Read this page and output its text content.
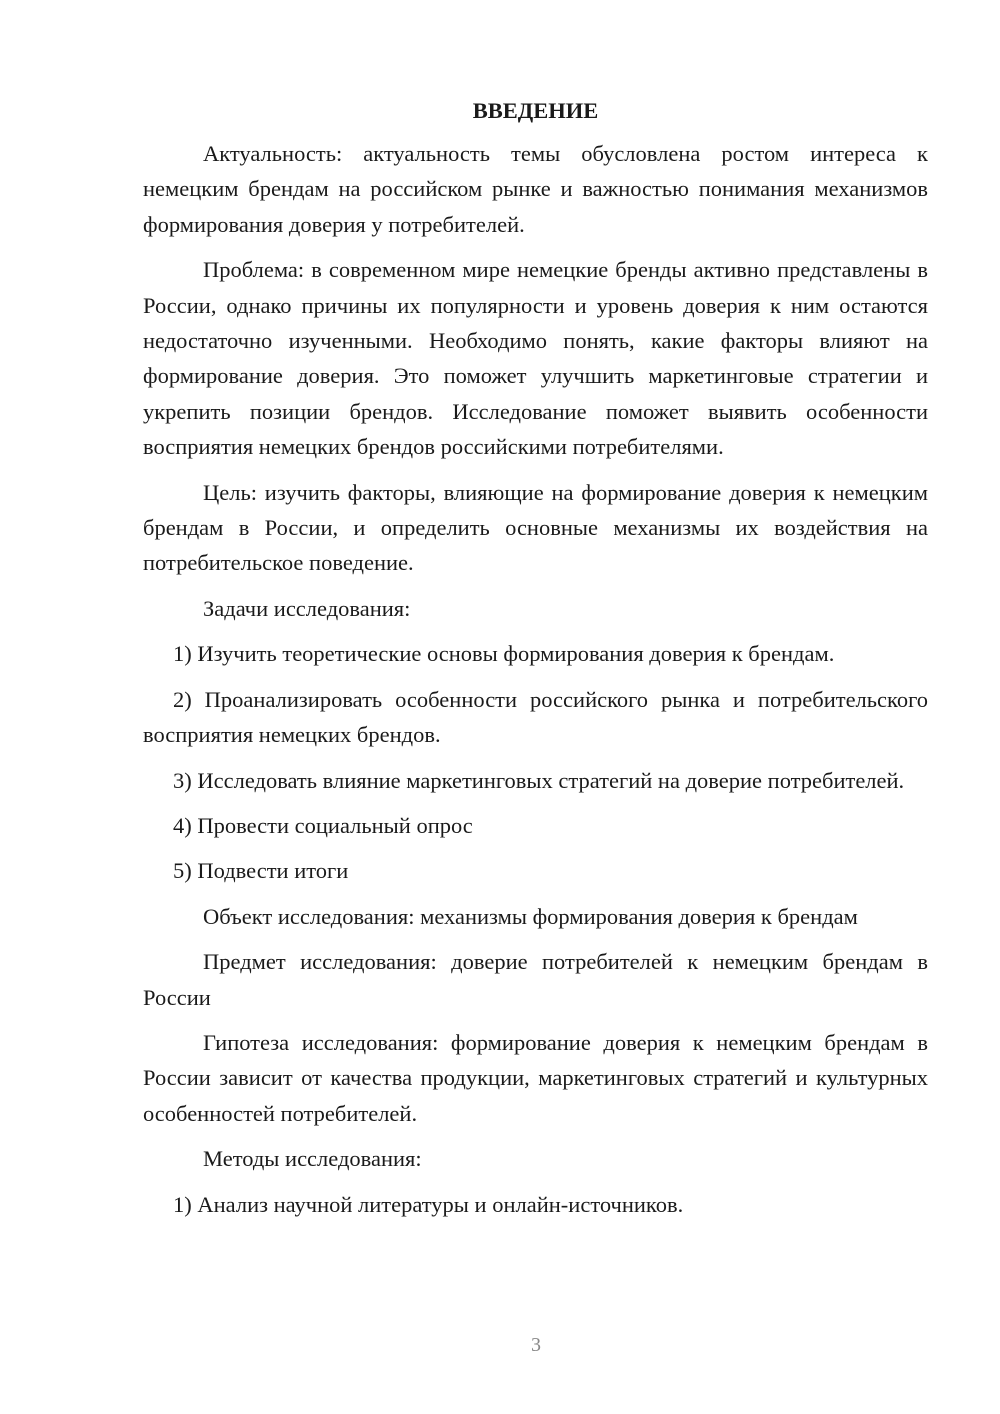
ВВЕДЕНИЕ

Актуальность: актуальность темы обусловлена ростом интереса к немецким брендам на российском рынке и важностью понимания механизмов формирования доверия у потребителей.

Проблема: в современном мире немецкие бренды активно представлены в России, однако причины их популярности и уровень доверия к ним остаются недостаточно изученными. Необходимо понять, какие факторы влияют на формирование доверия. Это поможет улучшить маркетинговые стратегии и укрепить позиции брендов. Исследование поможет выявить особенности восприятия немецких брендов российскими потребителями.

Цель: изучить факторы, влияющие на формирование доверия к немецким брендам в России, и определить основные механизмы их воздействия на потребительское поведение.

Задачи исследования:

1) Изучить теоретические основы формирования доверия к брендам.

2) Проанализировать особенности российского рынка и потребительского восприятия немецких брендов.

3) Исследовать влияние маркетинговых стратегий на доверие потребителей.

4) Провести социальный опрос

5) Подвести итоги

Объект исследования: механизмы формирования доверия к брендам

Предмет исследования: доверие потребителей к немецким брендам в России

Гипотеза исследования: формирование доверия к немецким брендам в России зависит от качества продукции, маркетинговых стратегий и культурных особенностей потребителей.

Методы исследования:

1) Анализ научной литературы и онлайн-источников.

3
